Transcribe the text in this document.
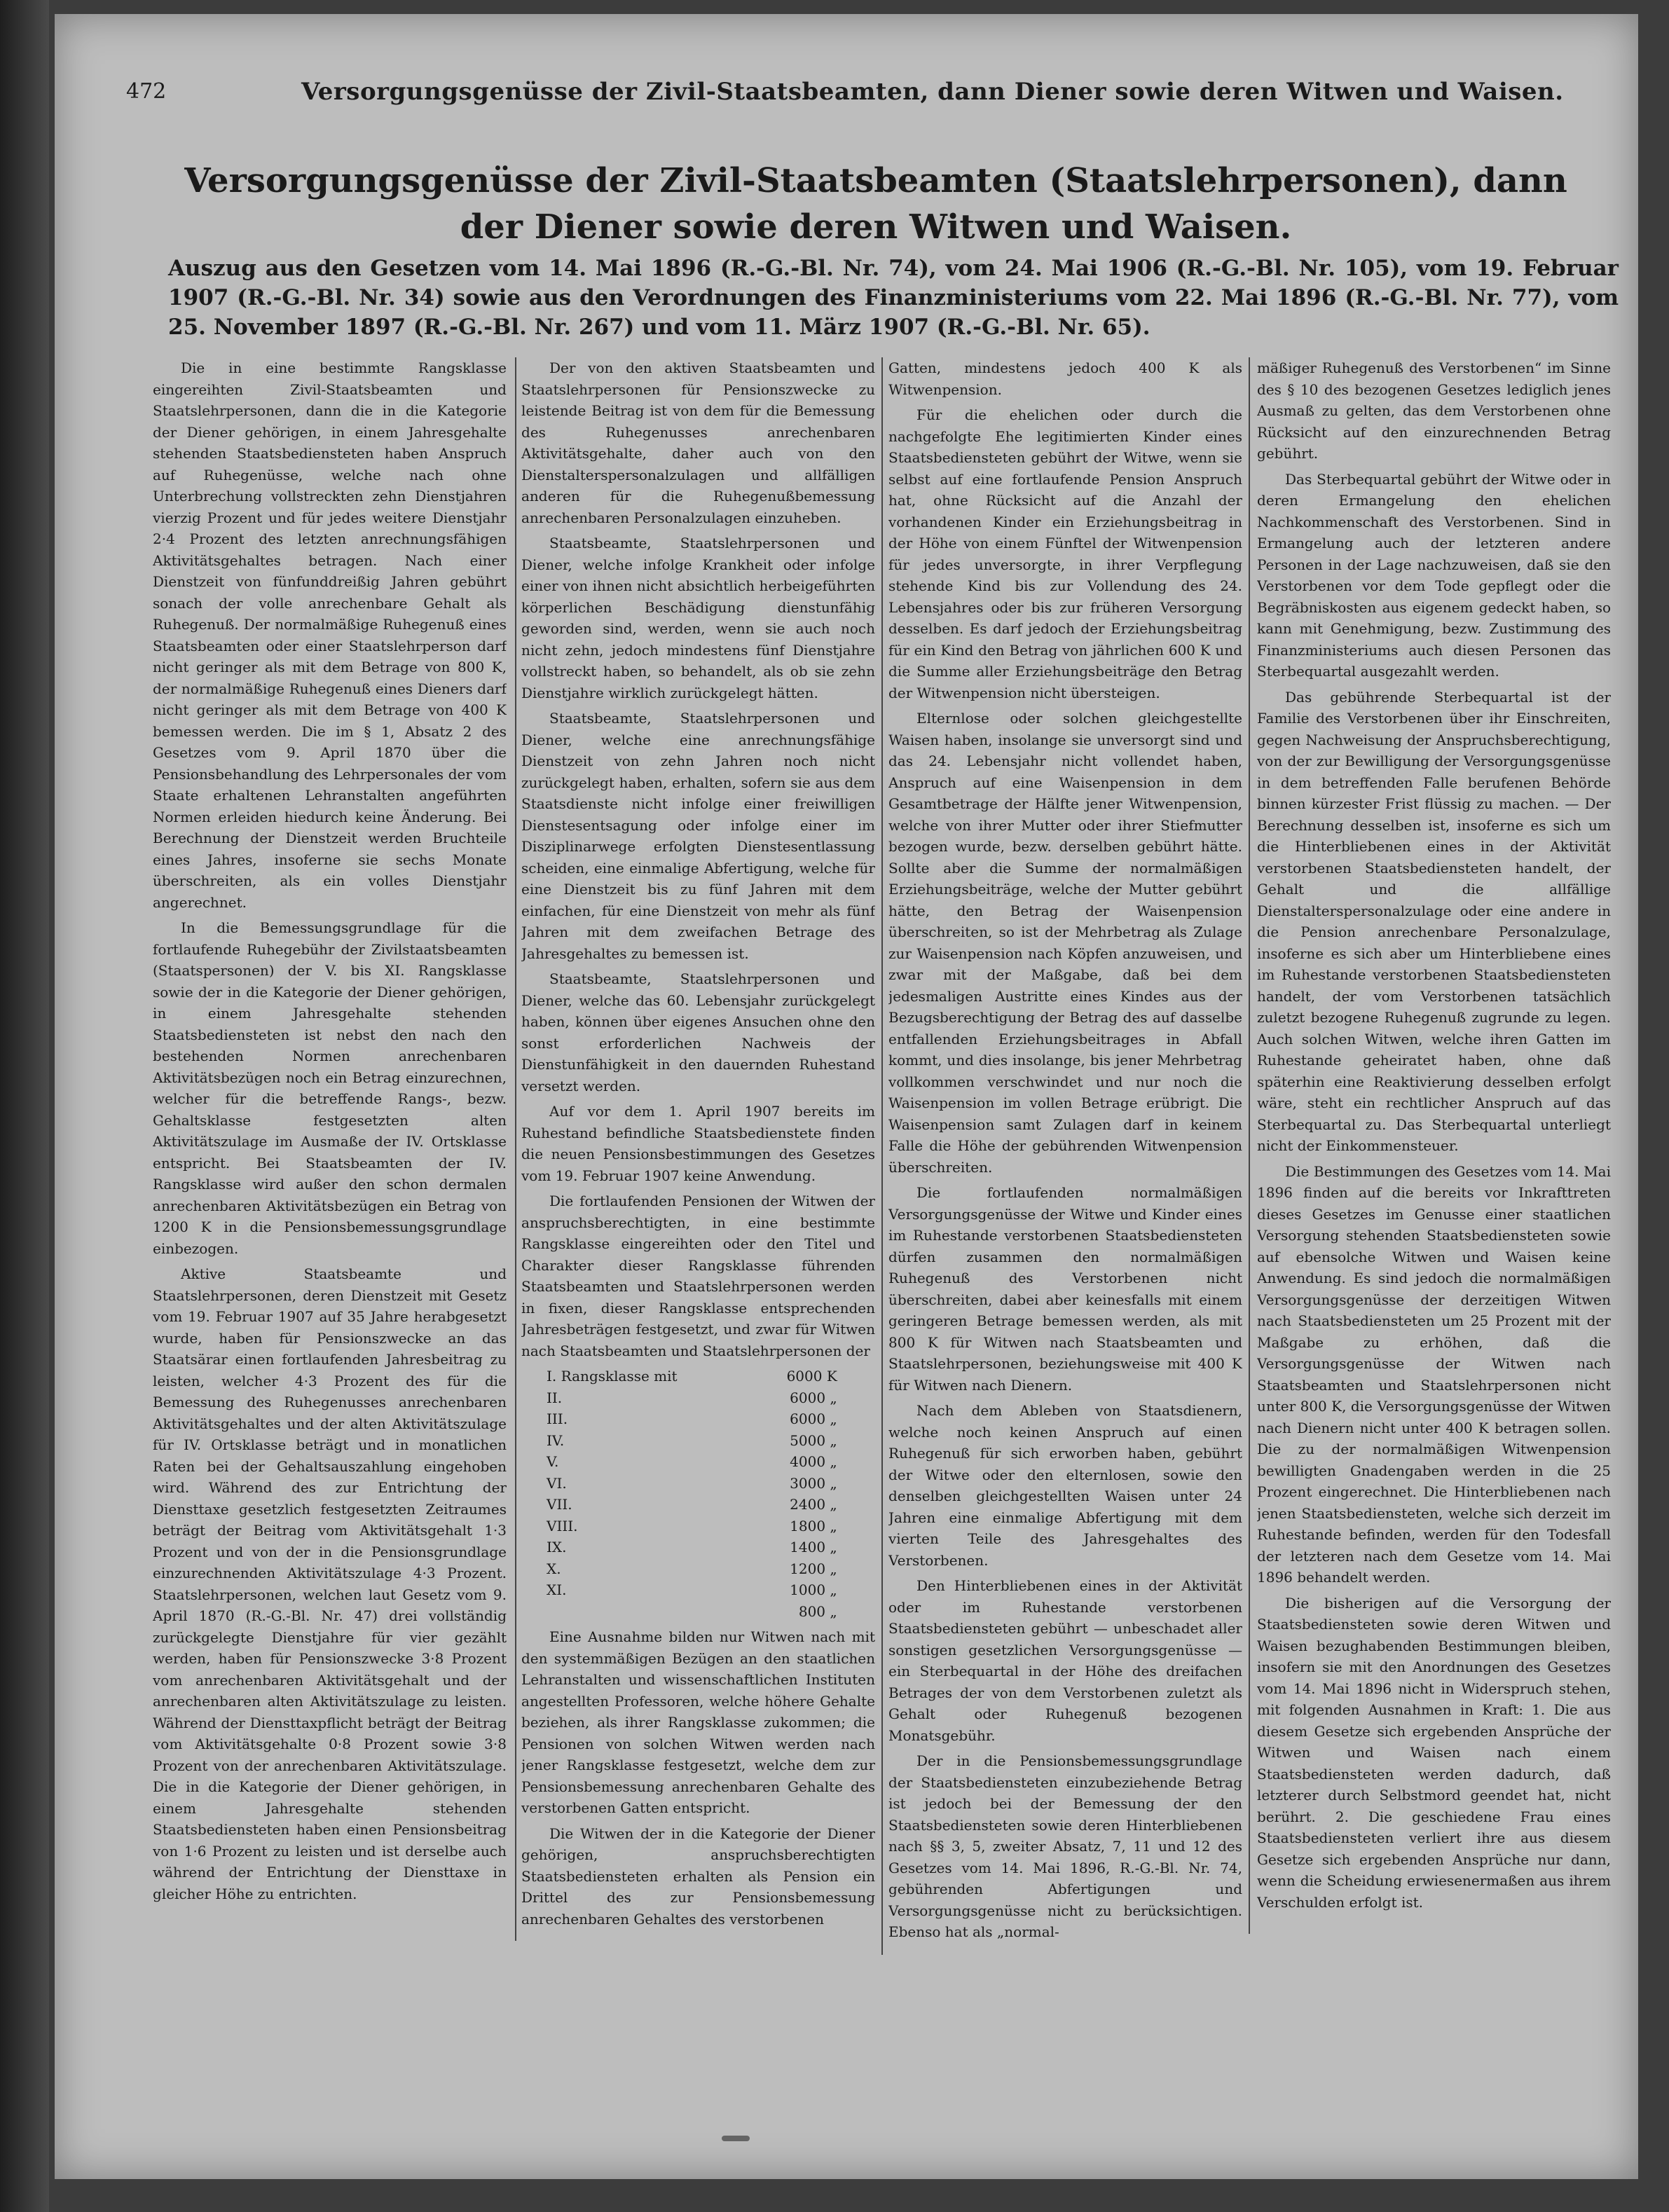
472	Versorgungsgenüsse der Zivil-Staatsbeamten, dann Diener sowie deren Witwen und Waisen.
Versorgungsgenüsse der Zivil-Staatsbeamten (Staatslehrpersonen), dann der Diener sowie deren Witwen und Waisen.
Auszug aus den Gesetzen vom 14. Mai 1896 (R.-G.-Bl. Nr. 74), vom 24. Mai 1906 (R.-G.-Bl. Nr. 105), vom 19. Februar 1907 (R.-G.-Bl. Nr. 34) sowie aus den Verordnungen des Finanzministeriums vom 22. Mai 1896 (R.-G.-Bl. Nr. 77), vom 25. November 1897 (R.-G.-Bl. Nr. 267) und vom 11. März 1907 (R.-G.-Bl. Nr. 65).

Die in eine bestimmte Rangsklasse eingereihten Zivil-Staatsbeamten und Staatslehrpersonen, dann die in die Kategorie der Diener gehörigen, in einem Jahresgehalte stehenden Staatsbediensteten haben Anspruch auf Ruhegenüsse, welche nach ohne Unterbrechung vollstreckten zehn Dienstjahren vierzig Prozent und für jedes weitere Dienstjahr 2·4 Prozent des letzten anrechnungsfähigen Aktivitätsgehaltes betragen. Nach einer Dienstzeit von fünfunddreißig Jahren gebührt sonach der volle anrechenbare Gehalt als Ruhegenuß. Der normalmäßige Ruhegenuß eines Staatsbeamten oder einer Staatslehrperson darf nicht geringer als mit dem Betrage von 800 K, der normalmäßige Ruhegenuß eines Dieners darf nicht geringer als mit dem Betrage von 400 K bemessen werden. Die im § 1, Absatz 2 des Gesetzes vom 9. April 1870 über die Pensionsbehandlung des Lehrpersonales der vom Staate erhaltenen Lehranstalten angeführten Normen erleiden hiedurch keine Änderung. Bei Berechnung der Dienstzeit werden Bruchteile eines Jahres, insoferne sie sechs Monate überschreiten, als ein volles Dienstjahr angerechnet.

In die Bemessungsgrundlage für die fortlaufende Ruhegebühr der Zivilstaatsbeamten (Staatspersonen) der V. bis XI. Rangsklasse sowie der in die Kategorie der Diener gehörigen, in einem Jahresgehalte stehenden Staatsbediensteten ist nebst den nach den bestehenden Normen anrechenbaren Aktivitätsbezügen noch ein Betrag einzurechnen, welcher für die betreffende Rangs-, bezw. Gehaltsklasse festgesetzten alten Aktivitätszulage im Ausmaße der IV. Ortsklasse entspricht. Bei Staatsbeamten der IV. Rangsklasse wird außer den schon dermalen anrechenbaren Aktivitätsbezügen ein Betrag von 1200 K in die Pensionsbemessungsgrundlage einbezogen.

Aktive Staatsbeamte und Staatslehrpersonen, deren Dienstzeit mit Gesetz vom 19. Februar 1907 auf 35 Jahre herabgesetzt wurde, haben für Pensionszwecke an das Staatsärar einen fortlaufenden Jahresbeitrag zu leisten, welcher 4·3 Prozent des für die Bemessung des Ruhegenusses anrechenbaren Aktivitätsgehaltes und der alten Aktivitätszulage für IV. Ortsklasse beträgt und in monatlichen Raten bei der Gehaltsauszahlung eingehoben wird. Während des zur Entrichtung der Diensttaxe gesetzlich festgesetzten Zeitraumes beträgt der Beitrag vom Aktivitätsgehalt 1·3 Prozent und von der in die Pensionsgrundlage einzurechnenden Aktivitätszulage 4·3 Prozent. Staatslehrpersonen, welchen laut Gesetz vom 9. April 1870 (R.-G.-Bl. Nr. 47) drei vollständig zurückgelegte Dienstjahre für vier gezählt werden, haben für Pensionszwecke 3·8 Prozent vom anrechenbaren Aktivitätsgehalt und der anrechenbaren alten Aktivitätszulage zu leisten. Während der Diensttaxpflicht beträgt der Beitrag vom Aktivitätsgehalte 0·8 Prozent sowie 3·8 Prozent von der anrechenbaren Aktivitätszulage. Die in die Kategorie der Diener gehörigen, in einem Jahresgehalte stehenden Staatsbediensteten haben einen Pensionsbeitrag von 1·6 Prozent zu leisten und ist derselbe auch während der Entrichtung der Diensttaxe in gleicher Höhe zu entrichten.

Der von den aktiven Staatsbeamten und Staatslehrpersonen für Pensionszwecke zu leistende Beitrag ist von dem für die Bemessung des Ruhegenusses anrechenbaren Aktivitätsgehalte, daher auch von den Dienstalterspersonalzulagen und allfälligen anderen für die Ruhegenußbemessung anrechenbaren Personalzulagen einzuheben.

Staatsbeamte, Staatslehrpersonen und Diener, welche infolge Krankheit oder infolge einer von ihnen nicht absichtlich herbeigeführten körperlichen Beschädigung dienstunfähig geworden sind, werden, wenn sie auch noch nicht zehn, jedoch mindestens fünf Dienstjahre vollstreckt haben, so behandelt, als ob sie zehn Dienstjahre wirklich zurückgelegt hätten.

Staatsbeamte, Staatslehrpersonen und Diener, welche eine anrechnungsfähige Dienstzeit von zehn Jahren noch nicht zurückgelegt haben, erhalten, sofern sie aus dem Staatsdienste nicht infolge einer freiwilligen Dienstesentsagung oder infolge einer im Disziplinarwege erfolgten Dienstesentlassung scheiden, eine einmalige Abfertigung, welche für eine Dienstzeit bis zu fünf Jahren mit dem einfachen, für eine Dienstzeit von mehr als fünf Jahren mit dem zweifachen Betrage des Jahresgehaltes zu bemessen ist.

Staatsbeamte, Staatslehrpersonen und Diener, welche das 60. Lebensjahr zurückgelegt haben, können über eigenes Ansuchen ohne den sonst erforderlichen Nachweis der Dienstunfähigkeit in den dauernden Ruhestand versetzt werden.

Auf vor dem 1. April 1907 bereits im Ruhestand befindliche Staatsbedienstete finden die neuen Pensionsbestimmungen des Gesetzes vom 19. Februar 1907 keine Anwendung.

Die fortlaufenden Pensionen der Witwen der anspruchsberechtigten, in eine bestimmte Rangsklasse eingereihten oder den Titel und Charakter dieser Rangsklasse führenden Staatsbeamten und Staatslehrpersonen werden in fixen, dieser Rangsklasse entsprechenden Jahresbeträgen festgesetzt, und zwar für Witwen nach Staatsbeamten und Staatslehrpersonen der

I. Rangsklasse mit	6000 K
II.	6000 „
III.	6000 „
IV.	5000 „
V.	4000 „
VI.	3000 „
VII.	2400 „
VIII.	1800 „
IX.	1400 „
X.	1200 „
XI.	1000 „
	800 „

Eine Ausnahme bilden nur Witwen nach mit den systemmäßigen Bezügen an den staatlichen Lehranstalten und wissenschaftlichen Instituten angestellten Professoren, welche höhere Gehalte beziehen, als ihrer Rangsklasse zukommen; die Pensionen von solchen Witwen werden nach jener Rangsklasse festgesetzt, welche dem zur Pensionsbemessung anrechenbaren Gehalte des verstorbenen Gatten entspricht.

Die Witwen der in die Kategorie der Diener gehörigen, anspruchsberechtigten Staatsbediensteten erhalten als Pension ein Drittel des zur Pensionsbemessung anrechenbaren Gehaltes des verstorbenen

Gatten, mindestens jedoch 400 K als Witwenpension.

Für die ehelichen oder durch die nachgefolgte Ehe legitimierten Kinder eines Staatsbediensteten gebührt der Witwe, wenn sie selbst auf eine fortlaufende Pension Anspruch hat, ohne Rücksicht auf die Anzahl der vorhandenen Kinder ein Erziehungsbeitrag in der Höhe von einem Fünftel der Witwenpension für jedes unversorgte, in ihrer Verpflegung stehende Kind bis zur Vollendung des 24. Lebensjahres oder bis zur früheren Versorgung desselben. Es darf jedoch der Erziehungsbeitrag für ein Kind den Betrag von jährlichen 600 K und die Summe aller Erziehungsbeiträge den Betrag der Witwenpension nicht übersteigen.

Elternlose oder solchen gleichgestellte Waisen haben, insolange sie unversorgt sind und das 24. Lebensjahr nicht vollendet haben, Anspruch auf eine Waisenpension in dem Gesamtbetrage der Hälfte jener Witwenpension, welche von ihrer Mutter oder ihrer Stiefmutter bezogen wurde, bezw. derselben gebührt hätte. Sollte aber die Summe der normalmäßigen Erziehungsbeiträge, welche der Mutter gebührt hätte, den Betrag der Waisenpension überschreiten, so ist der Mehrbetrag als Zulage zur Waisenpension nach Köpfen anzuweisen, und zwar mit der Maßgabe, daß bei dem jedesmaligen Austritte eines Kindes aus der Bezugsberechtigung der Betrag des auf dasselbe entfallenden Erziehungsbeitrages in Abfall kommt, und dies insolange, bis jener Mehrbetrag vollkommen verschwindet und nur noch die Waisenpension im vollen Betrage erübrigt. Die Waisenpension samt Zulagen darf in keinem Falle die Höhe der gebührenden Witwenpension überschreiten.

Die fortlaufenden normalmäßigen Versorgungsgenüsse der Witwe und Kinder eines im Ruhestande verstorbenen Staatsbediensteten dürfen zusammen den normalmäßigen Ruhegenuß des Verstorbenen nicht überschreiten, dabei aber keinesfalls mit einem geringeren Betrage bemessen werden, als mit 800 K für Witwen nach Staatsbeamten und Staatslehrpersonen, beziehungsweise mit 400 K für Witwen nach Dienern.

Nach dem Ableben von Staatsdienern, welche noch keinen Anspruch auf einen Ruhegenuß für sich erworben haben, gebührt der Witwe oder den elternlosen, sowie den denselben gleichgestellten Waisen unter 24 Jahren eine einmalige Abfertigung mit dem vierten Teile des Jahresgehaltes des Verstorbenen.

Den Hinterbliebenen eines in der Aktivität oder im Ruhestande verstorbenen Staatsbediensteten gebührt — unbeschadet aller sonstigen gesetzlichen Versorgungsgenüsse — ein Sterbequartal in der Höhe des dreifachen Betrages der von dem Verstorbenen zuletzt als Gehalt oder Ruhegenuß bezogenen Monatsgebühr.

Der in die Pensionsbemessungsgrundlage der Staatsbediensteten einzubeziehende Betrag ist jedoch bei der Bemessung der den Staatsbediensteten sowie deren Hinterbliebenen nach §§ 3, 5, zweiter Absatz, 7, 11 und 12 des Gesetzes vom 14. Mai 1896, R.-G.-Bl. Nr. 74, gebührenden Abfertigungen und Versorgungsgenüsse nicht zu berücksichtigen. Ebenso hat als „normal-

mäßiger Ruhegenuß des Verstorbenen“ im Sinne des § 10 des bezogenen Gesetzes lediglich jenes Ausmaß zu gelten, das dem Verstorbenen ohne Rücksicht auf den einzurechnenden Betrag gebührt.

Das Sterbequartal gebührt der Witwe oder in deren Ermangelung den ehelichen Nachkommenschaft des Verstorbenen. Sind in Ermangelung auch der letzteren andere Personen in der Lage nachzuweisen, daß sie den Verstorbenen vor dem Tode gepflegt oder die Begräbniskosten aus eigenem gedeckt haben, so kann mit Genehmigung, bezw. Zustimmung des Finanzministeriums auch diesen Personen das Sterbequartal ausgezahlt werden.

Das gebührende Sterbequartal ist der Familie des Verstorbenen über ihr Einschreiten, gegen Nachweisung der Anspruchsberechtigung, von der zur Bewilligung der Versorgungsgenüsse in dem betreffenden Falle berufenen Behörde binnen kürzester Frist flüssig zu machen. — Der Berechnung desselben ist, insoferne es sich um die Hinterbliebenen eines in der Aktivität verstorbenen Staatsbediensteten handelt, der Gehalt und die allfällige Dienstalterspersonalzulage oder eine andere in die Pension anrechenbare Personalzulage, insoferne es sich aber um Hinterbliebene eines im Ruhestande verstorbenen Staatsbediensteten handelt, der vom Verstorbenen tatsächlich zuletzt bezogene Ruhegenuß zugrunde zu legen. Auch solchen Witwen, welche ihren Gatten im Ruhestande geheiratet haben, ohne daß späterhin eine Reaktivierung desselben erfolgt wäre, steht ein rechtlicher Anspruch auf das Sterbequartal zu. Das Sterbequartal unterliegt nicht der Einkommensteuer.

Die Bestimmungen des Gesetzes vom 14. Mai 1896 finden auf die bereits vor Inkrafttreten dieses Gesetzes im Genusse einer staatlichen Versorgung stehenden Staatsbediensteten sowie auf ebensolche Witwen und Waisen keine Anwendung. Es sind jedoch die normalmäßigen Versorgungsgenüsse der derzeitigen Witwen nach Staatsbediensteten um 25 Prozent mit der Maßgabe zu erhöhen, daß die Versorgungsgenüsse der Witwen nach Staatsbeamten und Staatslehrpersonen nicht unter 800 K, die Versorgungsgenüsse der Witwen nach Dienern nicht unter 400 K betragen sollen. Die zu der normalmäßigen Witwenpension bewilligten Gnadengaben werden in die 25 Prozent eingerechnet. Die Hinterbliebenen nach jenen Staatsbediensteten, welche sich derzeit im Ruhestande befinden, werden für den Todesfall der letzteren nach dem Gesetze vom 14. Mai 1896 behandelt werden.

Die bisherigen auf die Versorgung der Staatsbediensteten sowie deren Witwen und Waisen bezughabenden Bestimmungen bleiben, insofern sie mit den Anordnungen des Gesetzes vom 14. Mai 1896 nicht in Widerspruch stehen, mit folgenden Ausnahmen in Kraft: 1. Die aus diesem Gesetze sich ergebenden Ansprüche der Witwen und Waisen nach einem Staatsbediensteten werden dadurch, daß letzterer durch Selbstmord geendet hat, nicht berührt. 2. Die geschiedene Frau eines Staatsbediensteten verliert ihre aus diesem Gesetze sich ergebenden Ansprüche nur dann, wenn die Scheidung erwiesenermaßen aus ihrem Verschulden erfolgt ist.
